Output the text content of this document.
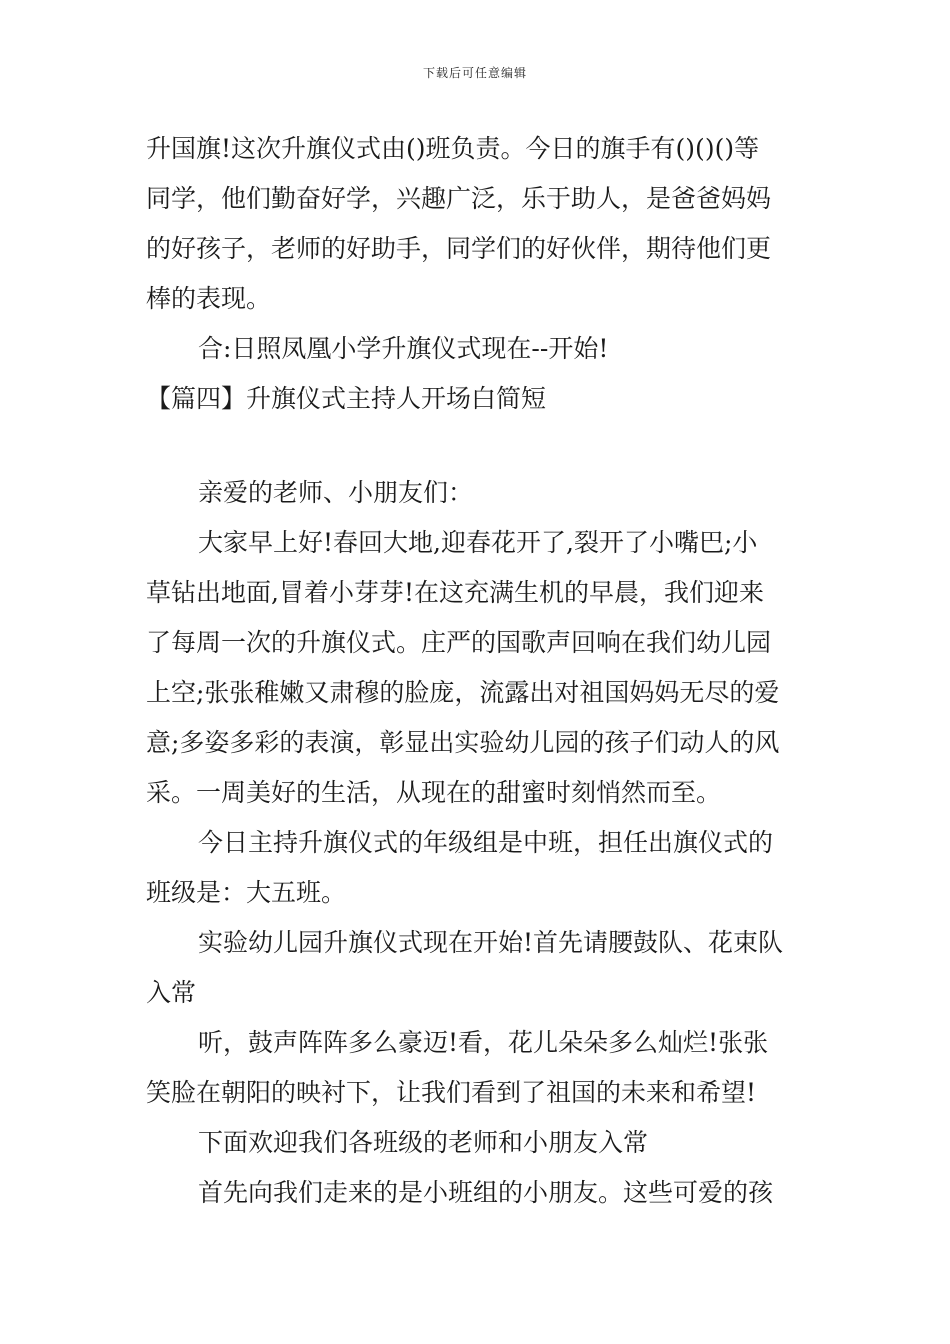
下载后可任意编辑

升国旗!这次升旗仪式由()班负责。今日的旗手有()()()等

同学，他们勤奋好学，兴趣广泛，乐于助人，是爸爸妈妈

的好孩子，老师的好助手，同学们的好伙伴，期待他们更

棒的表现。

合:日照凤凰小学升旗仪式现在--开始!

【篇四】升旗仪式主持人开场白简短

亲爱的老师、小朋友们：

大家早上好!春回大地,迎春花开了,裂开了小嘴巴;小

草钻出地面,冒着小芽芽!在这充满生机的早晨，我们迎来

了每周一次的升旗仪式。庄严的国歌声回响在我们幼儿园

上空;张张稚嫩又肃穆的脸庞，流露出对祖国妈妈无尽的爱

意;多姿多彩的表演，彰显出实验幼儿园的孩子们动人的风

采。一周美好的生活，从现在的甜蜜时刻悄然而至。

今日主持升旗仪式的年级组是中班，担任出旗仪式的

班级是：大五班。

实验幼儿园升旗仪式现在开始!首先请腰鼓队、花束队

入常

听，鼓声阵阵多么豪迈!看，花儿朵朵多么灿烂!张张

笑脸在朝阳的映衬下，让我们看到了祖国的未来和希望!

下面欢迎我们各班级的老师和小朋友入常

首先向我们走来的是小班组的小朋友。这些可爱的孩
